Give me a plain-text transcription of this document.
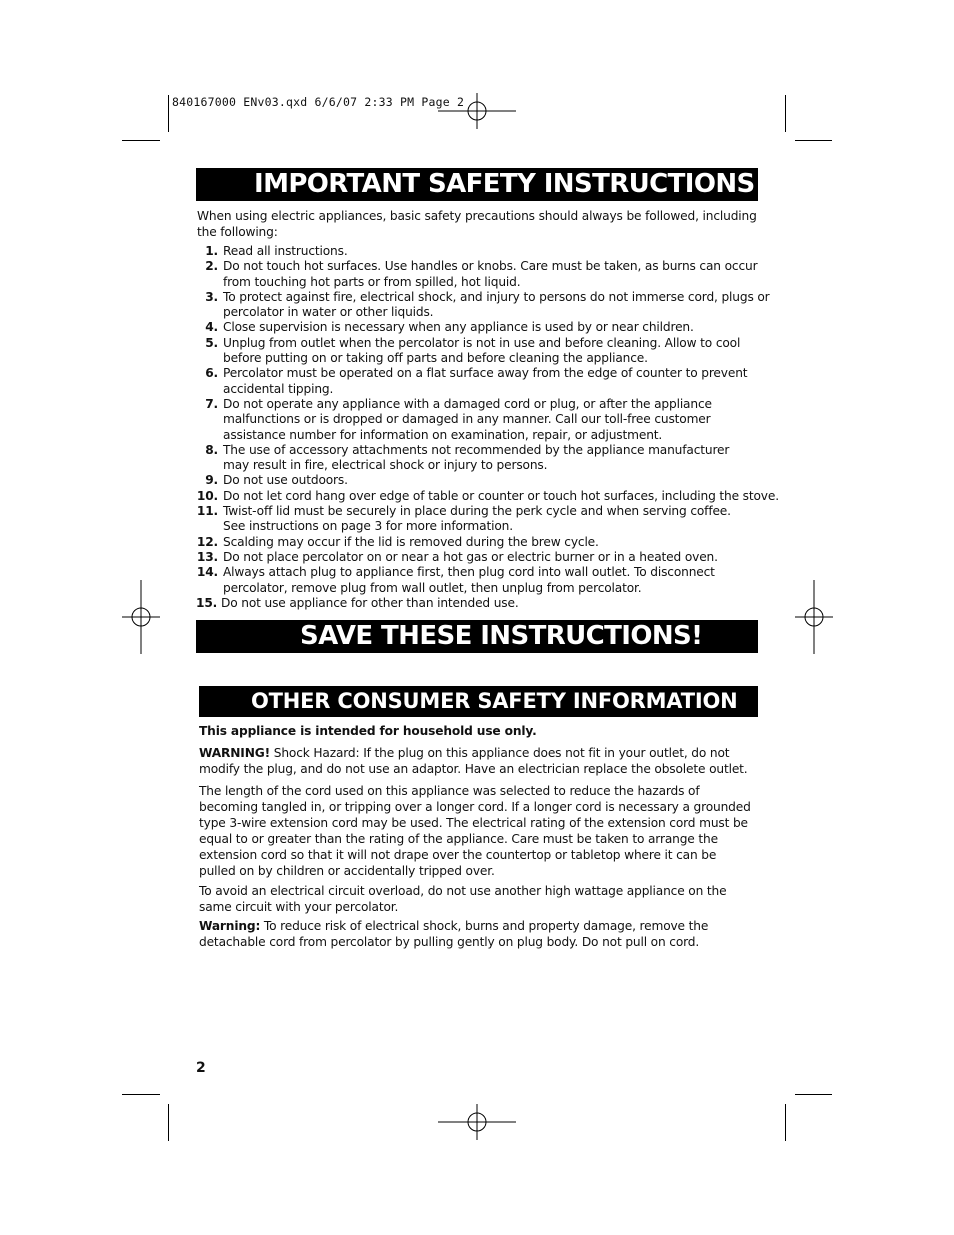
840167000 ENv03.qxd 6/6/07 2:33 PM Page 2
IMPORTANT SAFETY INSTRUCTIONS
When using electric appliances, basic safety precautions should always be followed, including the following:
1. Read all instructions.
2. Do not touch hot surfaces. Use handles or knobs. Care must be taken, as burns can occur
from touching hot parts or from spilled, hot liquid.
3. To protect against fire, electrical shock, and injury to persons do not immerse cord, plugs or
percolator in water or other liquids.
4. Close supervision is necessary when any appliance is used by or near children.
5. Unplug from outlet when the percolator is not in use and before cleaning. Allow to cool
before putting on or taking off parts and before cleaning the appliance.
6. Percolator must be operated on a flat surface away from the edge of counter to prevent
accidental tipping.
7. Do not operate any appliance with a damaged cord or plug, or after the appliance
malfunctions or is dropped or damaged in any manner. Call our toll-free customer
assistance number for information on examination, repair, or adjustment.
8. The use of accessory attachments not recommended by the appliance manufacturer
may result in fire, electrical shock or injury to persons.
9. Do not use outdoors.
10. Do not let cord hang over edge of table or counter or touch hot surfaces, including the stove.
11. Twist-off lid must be securely in place during the perk cycle and when serving coffee.
See instructions on page 3 for more information.
12. Scalding may occur if the lid is removed during the brew cycle.
13. Do not place percolator on or near a hot gas or electric burner or in a heated oven.
14. Always attach plug to appliance first, then plug cord into wall outlet. To disconnect
percolator, remove plug from wall outlet, then unplug from percolator.
15. Do not use appliance for other than intended use.
SAVE THESE INSTRUCTIONS!
OTHER CONSUMER SAFETY INFORMATION

This appliance is intended for household use only.

WARNING! Shock Hazard: If the plug on this appliance does not fit in your outlet, do not modify the plug, and do not use an adaptor. Have an electrician replace the obsolete outlet.

The length of the cord used on this appliance was selected to reduce the hazards of becoming tangled in, or tripping over a longer cord. If a longer cord is necessary a grounded type 3-wire extension cord may be used. The electrical rating of the extension cord must be equal to or greater than the rating of the appliance. Care must be taken to arrange the extension cord so that it will not drape over the countertop or tabletop where it can be pulled on by children or accidentally tripped over.

To avoid an electrical circuit overload, do not use another high wattage appliance on the same circuit with your percolator.

Warning: To reduce risk of electrical shock, burns and property damage, remove the detachable cord from percolator by pulling gently on plug body. Do not pull on cord.

2
